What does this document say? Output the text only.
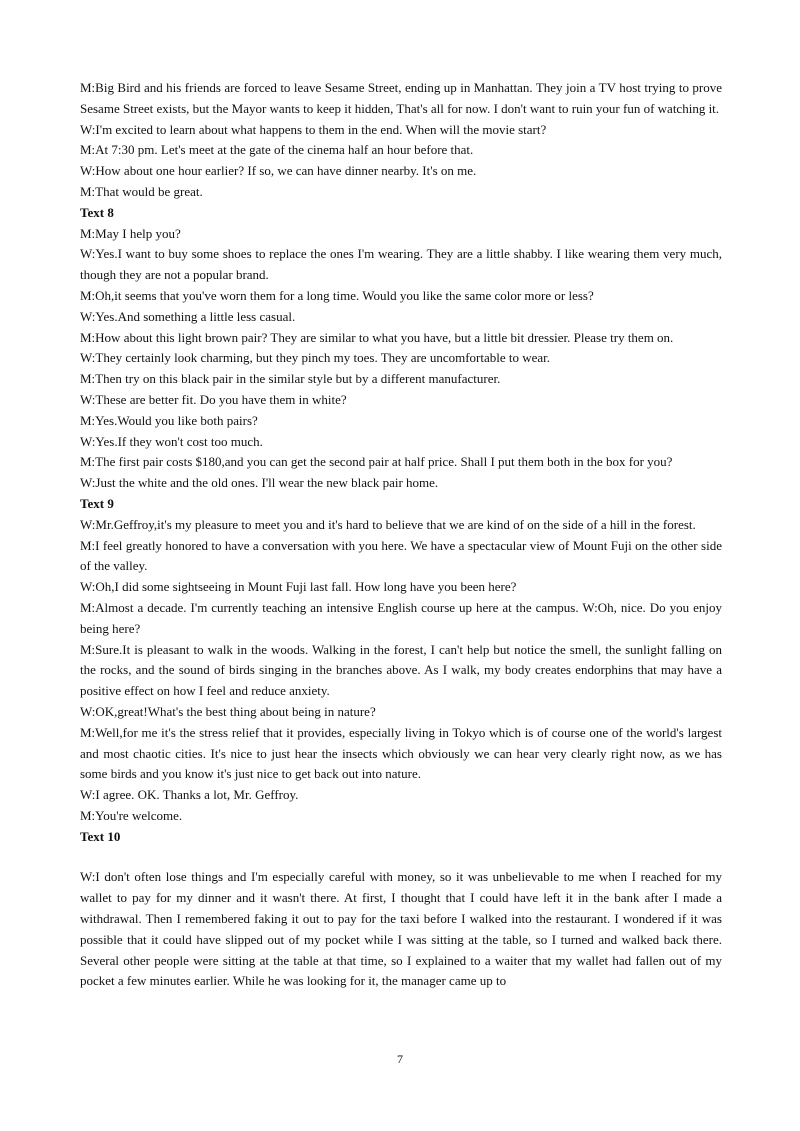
M:Big Bird and his friends are forced to leave Sesame Street, ending up in Manhattan. They join a TV host trying to prove Sesame Street exists, but the Mayor wants to keep it hidden, That's all for now. I don't want to ruin your fun of watching it.

W:I'm excited to learn about what happens to them in the end. When will the movie start?

M:At 7:30 pm. Let's meet at the gate of the cinema half an hour before that.

W:How about one hour earlier? If so, we can have dinner nearby. It's on me.

M:That would be great.

Text 8

M:May I help you?

W:Yes.I want to buy some shoes to replace the ones I'm wearing. They are a little shabby. I like wearing them very much, though they are not a popular brand.

M:Oh,it seems that you've worn them for a long time. Would you like the same color more or less?

W:Yes.And something a little less casual.

M:How about this light brown pair? They are similar to what you have, but a little bit dressier. Please try them on.

W:They certainly look charming, but they pinch my toes. They are uncomfortable to wear.

M:Then try on this black pair in the similar style but by a different manufacturer.

W:These are better fit. Do you have them in white?

M:Yes.Would you like both pairs?

W:Yes.If they won't cost too much.

M:The first pair costs $180,and you can get the second pair at half price. Shall I put them both in the box for you?

W:Just the white and the old ones. I'll wear the new black pair home.

Text 9

W:Mr.Geffroy,it's my pleasure to meet you and it's hard to believe that we are kind of on the side of a hill in the forest.

M:I feel greatly honored to have a conversation with you here. We have a spectacular view of Mount Fuji on the other side of the valley.

W:Oh,I did some sightseeing in Mount Fuji last fall. How long have you been here?

M:Almost a decade. I'm currently teaching an intensive English course up here at the campus. W:Oh, nice. Do you enjoy being here?

M:Sure.It is pleasant to walk in the woods. Walking in the forest, I can't help but notice the smell, the sunlight falling on the rocks, and the sound of birds singing in the branches above. As I walk, my body creates endorphins that may have a positive effect on how I feel and reduce anxiety.

W:OK,great!What's the best thing about being in nature?

M:Well,for me it's the stress relief that it provides, especially living in Tokyo which is of course one of the world's largest and most chaotic cities. It's nice to just hear the insects which obviously we can hear very clearly right now, as we has some birds and you know it's just nice to get back out into nature.

W:I agree. OK. Thanks a lot, Mr. Geffroy.

M:You're welcome.

Text 10

W:I don't often lose things and I'm especially careful with money, so it was unbelievable to me when I reached for my wallet to pay for my dinner and it wasn't there. At first, I thought that I could have left it in the bank after I made a withdrawal. Then I remembered faking it out to pay for the taxi before I walked into the restaurant. I wondered if it was possible that it could have slipped out of my pocket while I was sitting at the table, so I turned and walked back there. Several other people were sitting at the table at that time, so I explained to a waiter that my wallet had fallen out of my pocket a few minutes earlier. While he was looking for it, the manager came up to

7
